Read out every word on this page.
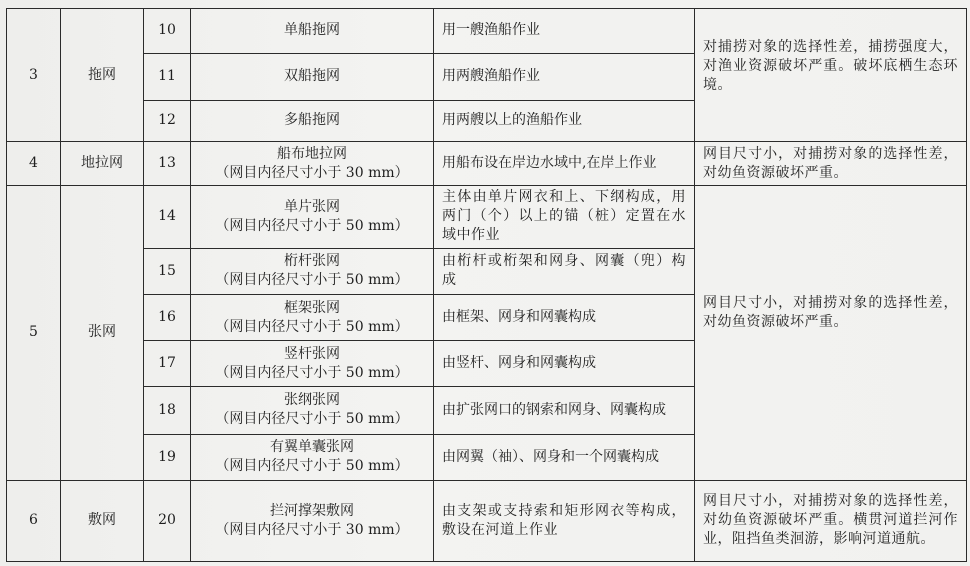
3	拖网	10	单船拖网	用一艘渔船作业	对捕捞对象的选择性差，捕捞强度大，对渔业资源破坏严重。破坏底栖生态环境。
		11	双船拖网	用两艘渔船作业	
		12	多船拖网	用两艘以上的渔船作业	
4	地拉网	13	船布地拉网
（网目内径尺寸小于 30 mm）	用船布设在岸边水域中,在岸上作业	网目尺寸小，对捕捞对象的选择性差，对幼鱼资源破坏严重。
5	张网	14	单片张网
（网目内径尺寸小于 50 mm）	主体由单片网衣和上、下纲构成，用两门（个）以上的锚（桩）定置在水域中作业	网目尺寸小，对捕捞对象的选择性差，对幼鱼资源破坏严重。
		15	桁杆张网
（网目内径尺寸小于 50 mm）	由桁杆或桁架和网身、网囊（兜）构成	
		16	框架张网
（网目内径尺寸小于 50 mm）	由框架、网身和网囊构成	
		17	竖杆张网
（网目内径尺寸小于 50 mm）	由竖杆、网身和网囊构成	
		18	张纲张网
（网目内径尺寸小于 50 mm）	由扩张网口的钢索和网身、网囊构成	
		19	有翼单囊张网
（网目内径尺寸小于 50 mm）	由网翼（袖）、网身和一个网囊构成	
6	敷网	20	拦河撑架敷网
（网目内径尺寸小于 30 mm）	由支架或支持索和矩形网衣等构成，敷设在河道上作业	网目尺寸小，对捕捞对象的选择性差，对幼鱼资源破坏严重。横贯河道拦河作业，阻挡鱼类洄游，影响河道通航。
